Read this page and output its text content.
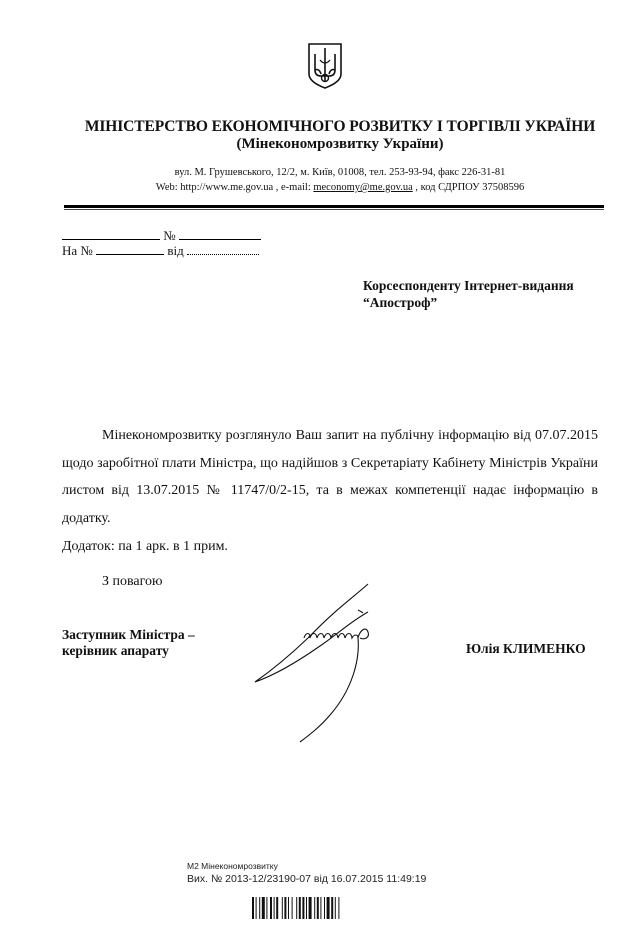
МІНІСТЕРСТВО ЕКОНОМІЧНОГО РОЗВИТКУ І ТОРГІВЛІ УКРАЇНИ
(Мінекономрозвитку України)
вул. М. Грушевського, 12/2, м. Київ, 01008, тел. 253-93-94, факс 226-31-81
Web: http://www.me.gov.ua , e-mail: meconomy@me.gov.ua , код СДРПОУ 37508596
№
На №	від
Корсеспонденту Інтернет-видання
“Апостроф”

Мінекономрозвитку розглянуло Ваш запит на публічну інформацію від 07.07.2015 щодо заробітної плати Міністра, що надійшов з Секретаріату Кабінету Міністрів України листом від 13.07.2015 № 11747/0/2-15, та в межах компетенції надає інформацію в додатку.

Додаток: па 1 арк. в 1 прим.
З повагою
Заступник Міністра –
керівник апарату	Юлія КЛИМЕНКО
М2 Мінекономрозвитку
Вих. № 2013-12/23190-07 від 16.07.2015 11:49:19
